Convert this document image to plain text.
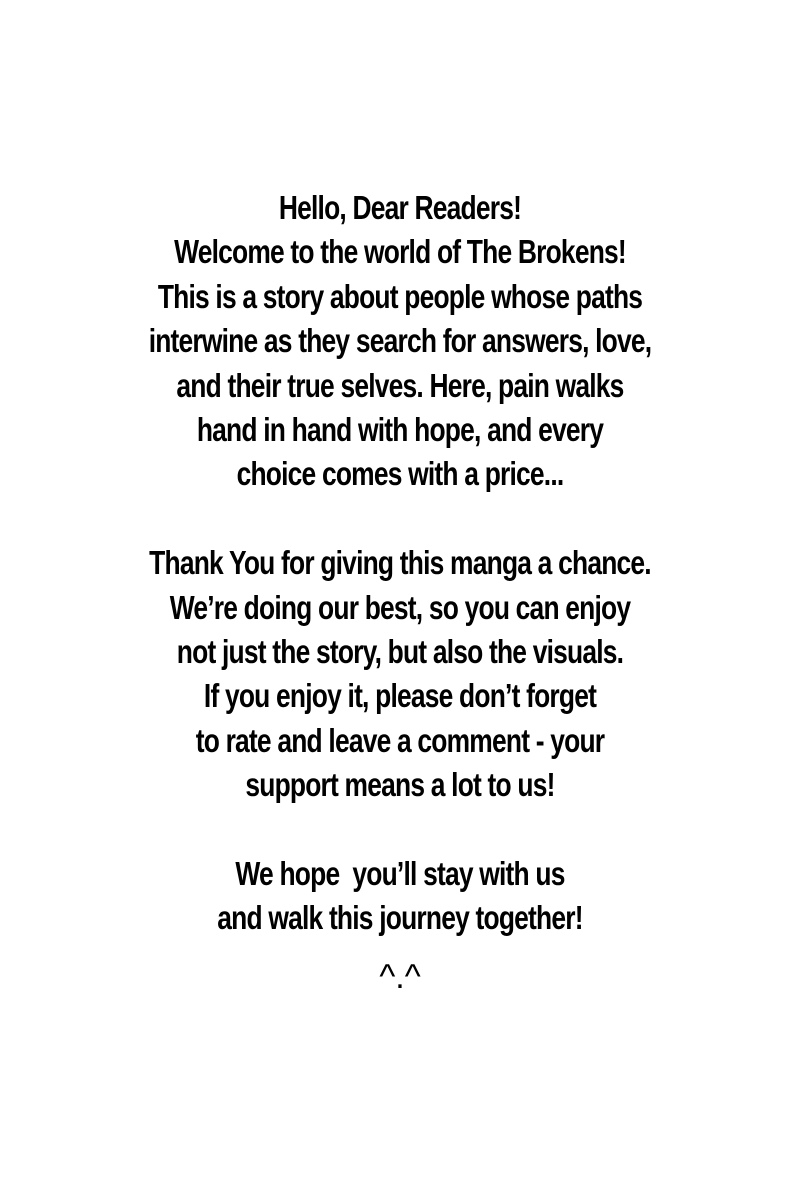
Hello, Dear Readers!
Welcome to the world of The Brokens!
This is a story about people whose paths
interwine as they search for answers, love,
and their true selves. Here, pain walks
hand in hand with hope, and every
choice comes with a price...
Thank You for giving this manga a chance.
We’re doing our best, so you can enjoy
not just the story, but also the visuals.
If you enjoy it, please don’t forget
to rate and leave a comment - your
support means a lot to us!
We hope  you’ll stay with us
and walk this journey together!
^.^
